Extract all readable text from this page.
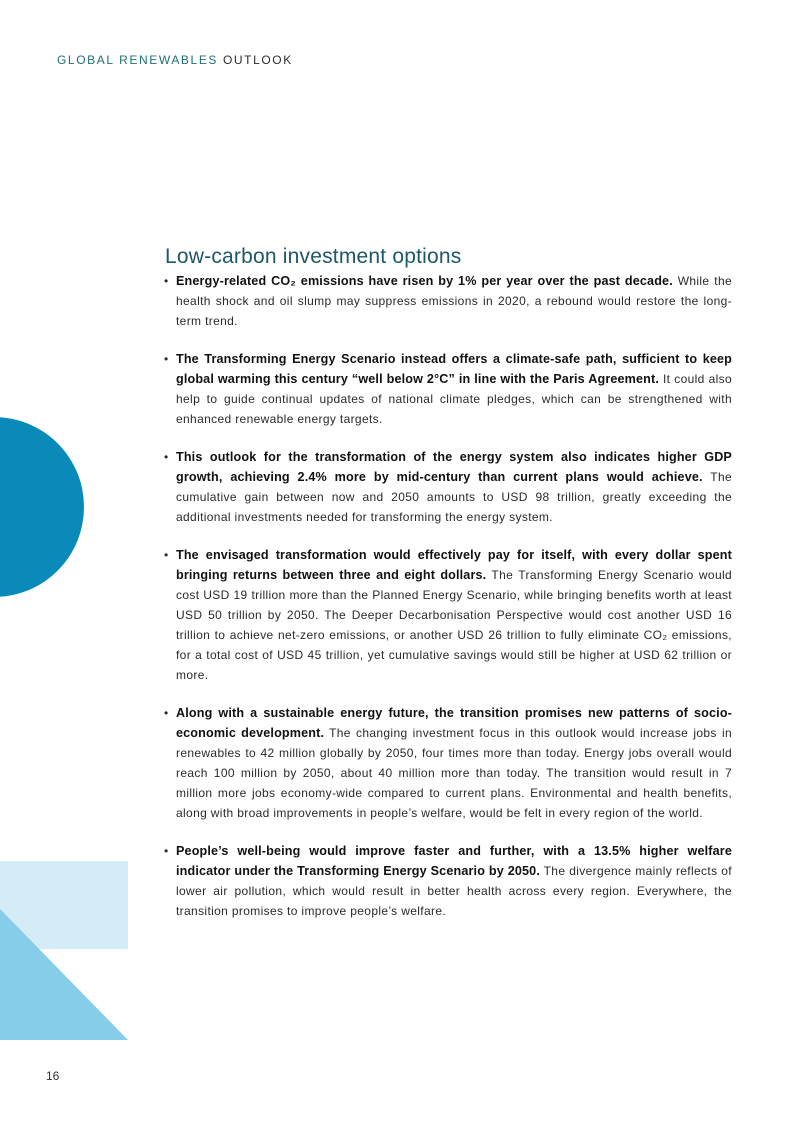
GLOBAL RENEWABLES OUTLOOK
Low-carbon investment options
• Energy-related CO₂ emissions have risen by 1% per year over the past decade. While the health shock and oil slump may suppress emissions in 2020, a rebound would restore the long-term trend.
• The Transforming Energy Scenario instead offers a climate-safe path, sufficient to keep global warming this century “well below 2°C” in line with the Paris Agreement. It could also help to guide continual updates of national climate pledges, which can be strengthened with enhanced renewable energy targets.
• This outlook for the transformation of the energy system also indicates higher GDP growth, achieving 2.4% more by mid-century than current plans would achieve. The cumulative gain between now and 2050 amounts to USD 98 trillion, greatly exceeding the additional investments needed for transforming the energy system.
• The envisaged transformation would effectively pay for itself, with every dollar spent bringing returns between three and eight dollars. The Transforming Energy Scenario would cost USD 19 trillion more than the Planned Energy Scenario, while bringing benefits worth at least USD 50 trillion by 2050. The Deeper Decarbonisation Perspective would cost another USD 16 trillion to achieve net-zero emissions, or another USD 26 trillion to fully eliminate CO₂ emissions, for a total cost of USD 45 trillion, yet cumulative savings would still be higher at USD 62 trillion or more.
• Along with a sustainable energy future, the transition promises new patterns of socio-economic development. The changing investment focus in this outlook would increase jobs in renewables to 42 million globally by 2050, four times more than today. Energy jobs overall would reach 100 million by 2050, about 40 million more than today. The transition would result in 7 million more jobs economy-wide compared to current plans. Environmental and health benefits, along with broad improvements in people’s welfare, would be felt in every region of the world.
• People’s well-being would improve faster and further, with a 13.5% higher welfare indicator under the Transforming Energy Scenario by 2050. The divergence mainly reflects of lower air pollution, which would result in better health across every region. Everywhere, the transition promises to improve people’s welfare.
16
